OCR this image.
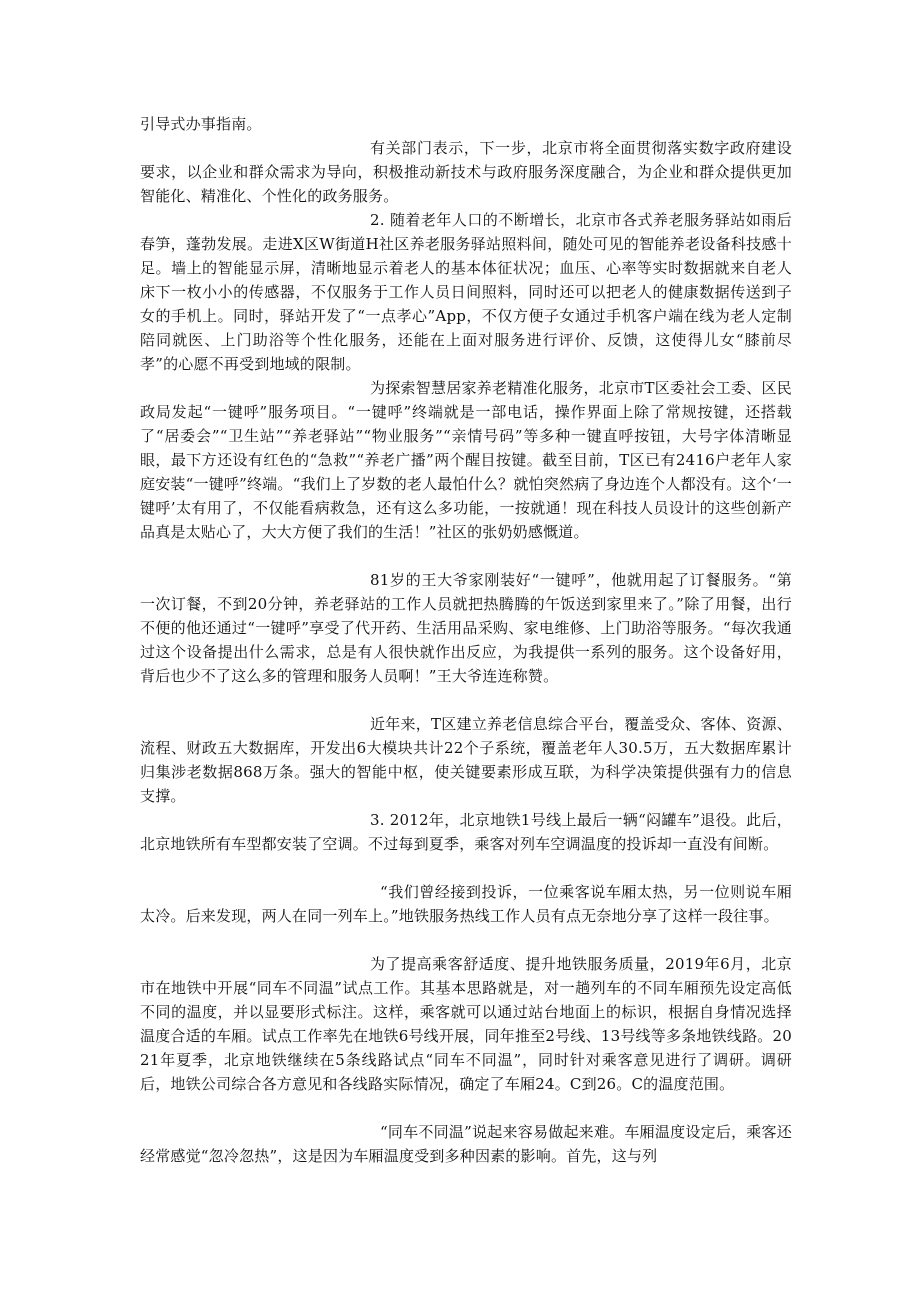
引导式办事指南。

有关部门表示，下一步，北京市将全面贯彻落实数字政府建设要求，以企业和群众需求为导向，积极推动新技术与政府服务深度融合，为企业和群众提供更加智能化、精准化、个性化的政务服务。

2. 随着老年人口的不断增长，北京市各式养老服务驿站如雨后春笋，蓬勃发展。走进X区W街道H社区养老服务驿站照料间，随处可见的智能养老设备科技感十足。墙上的智能显示屏，清晰地显示着老人的基本体征状况；血压、心率等实时数据就来自老人床下一枚小小的传感器，不仅服务于工作人员日间照料，同时还可以把老人的健康数据传送到子女的手机上。同时，驿站开发了“一点孝心”App，不仅方便子女通过手机客户端在线为老人定制陪同就医、上门助浴等个性化服务，还能在上面对服务进行评价、反馈，这使得儿女“膝前尽孝”的心愿不再受到地域的限制。

为探索智慧居家养老精准化服务，北京市T区委社会工委、区民政局发起“一键呼”服务项目。“一键呼”终端就是一部电话，操作界面上除了常规按键，还搭载了“居委会”“卫生站”“养老驿站”“物业服务”“亲情号码”等多种一键直呼按钮，大号字体清晰显眼，最下方还设有红色的“急救”“养老广播”两个醒目按键。截至目前，T区已有2416户老年人家庭安装“一键呼”终端。“我们上了岁数的老人最怕什么？就怕突然病了身边连个人都没有。这个‘一键呼’太有用了，不仅能看病救急，还有这么多功能，一按就通！现在科技人员设计的这些创新产品真是太贴心了，大大方便了我们的生活！”社区的张奶奶感慨道。

81岁的王大爷家刚装好“一键呼”，他就用起了订餐服务。“第一次订餐，不到20分钟，养老驿站的工作人员就把热腾腾的午饭送到家里来了。”除了用餐，出行不便的他还通过“一键呼”享受了代开药、生活用品采购、家电维修、上门助浴等服务。“每次我通过这个设备提出什么需求，总是有人很快就作出反应，为我提供一系列的服务。这个设备好用，背后也少不了这么多的管理和服务人员啊！”王大爷连连称赞。

近年来，T区建立养老信息综合平台，覆盖受众、客体、资源、流程、财政五大数据库，开发出6大模块共计22个子系统，覆盖老年人30.5万，五大数据库累计归集涉老数据868万条。强大的智能中枢，使关键要素形成互联，为科学决策提供强有力的信息支撑。

3. 2012年，北京地铁1号线上最后一辆“闷罐车”退役。此后，北京地铁所有车型都安装了空调。不过每到夏季，乘客对列车空调温度的投诉却一直没有间断。

“我们曾经接到投诉，一位乘客说车厢太热，另一位则说车厢太冷。后来发现，两人在同一列车上。”地铁服务热线工作人员有点无奈地分享了这样一段往事。

为了提高乘客舒适度、提升地铁服务质量，2019年6月，北京市在地铁中开展“同车不同温”试点工作。其基本思路就是，对一趟列车的不同车厢预先设定高低不同的温度，并以显要形式标注。这样，乘客就可以通过站台地面上的标识，根据自身情况选择温度合适的车厢。试点工作率先在地铁6号线开展，同年推至2号线、13号线等多条地铁线路。2021年夏季，北京地铁继续在5条线路试点“同车不同温”，同时针对乘客意见进行了调研。调研后，地铁公司综合各方意见和各线路实际情况，确定了车厢24。C到26。C的温度范围。

“同车不同温”说起来容易做起来难。车厢温度设定后，乘客还经常感觉“忽冷忽热”，这是因为车厢温度受到多种因素的影响。首先，这与列
